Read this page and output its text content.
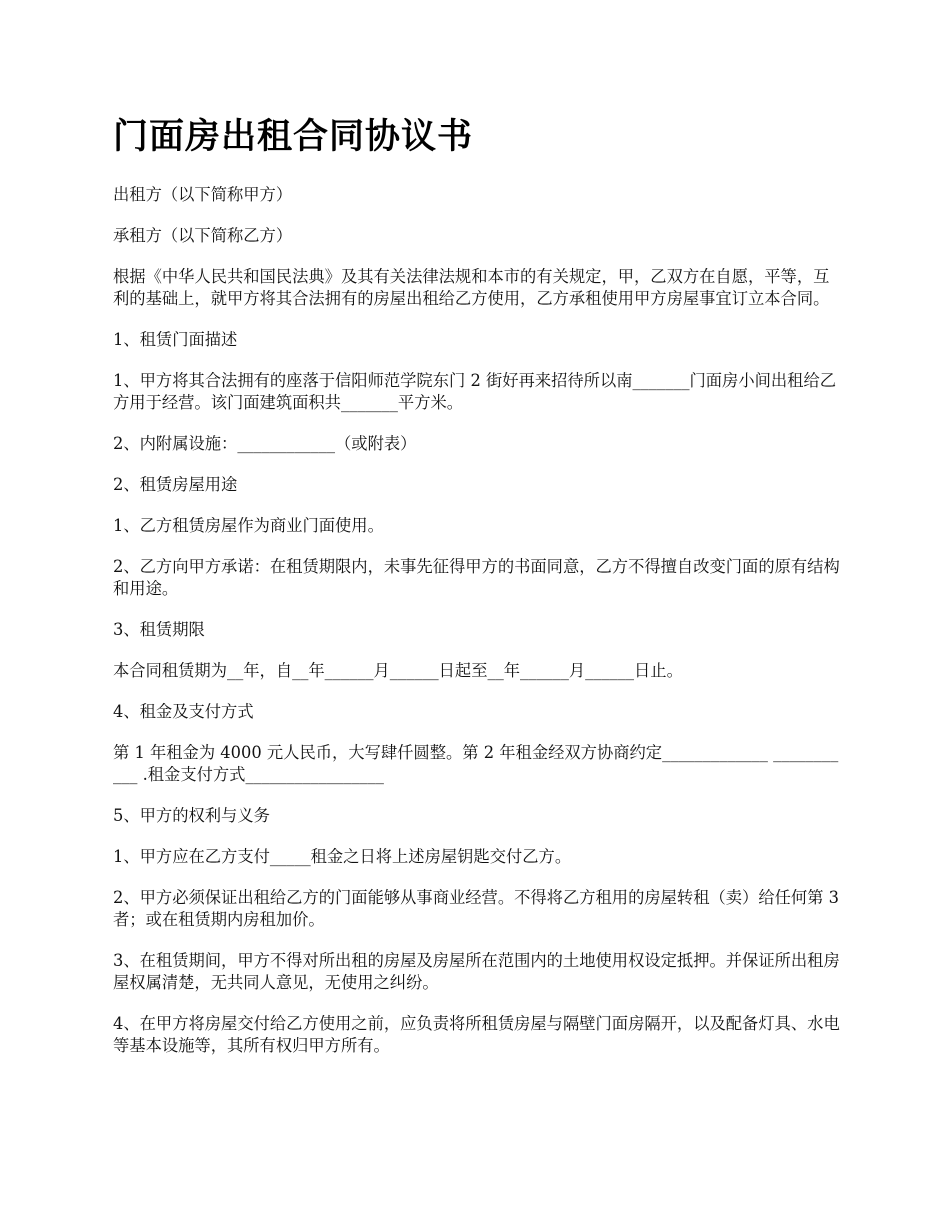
门面房出租合同协议书

出租方（以下简称甲方）

承租方（以下简称乙方）

根据《中华人民共和国民法典》及其有关法律法规和本市的有关规定，甲，乙双方在自愿，平等，互利的基础上，就甲方将其合法拥有的房屋出租给乙方使用，乙方承租使用甲方房屋事宜订立本合同。

1、租赁门面描述

1、甲方将其合法拥有的座落于信阳师范学院东门 2 街好再来招待所以南_______门面房小间出租给乙方用于经营。该门面建筑面积共_______平方米。

2、内附属设施：____________（或附表）

2、租赁房屋用途

1、乙方租赁房屋作为商业门面使用。

2、乙方向甲方承诺：在租赁期限内，未事先征得甲方的书面同意，乙方不得擅自改变门面的原有结构和用途。

3、租赁期限

本合同租赁期为__年，自__年______月______日起至__年______月______日止。

4、租金及支付方式

第 1 年租金为 4000 元人民币，大写肆仟圆整。第 2 年租金经双方协商约定_____________ ___________ .租金支付方式_________________

5、甲方的权利与义务

1、甲方应在乙方支付_____租金之日将上述房屋钥匙交付乙方。

2、甲方必须保证出租给乙方的门面能够从事商业经营。不得将乙方租用的房屋转租（卖）给任何第 3 者；或在租赁期内房租加价。

3、在租赁期间，甲方不得对所出租的房屋及房屋所在范围内的土地使用权设定抵押。并保证所出租房屋权属清楚，无共同人意见，无使用之纠纷。

4、在甲方将房屋交付给乙方使用之前，应负责将所租赁房屋与隔壁门面房隔开，以及配备灯具、水电等基本设施等，其所有权归甲方所有。
